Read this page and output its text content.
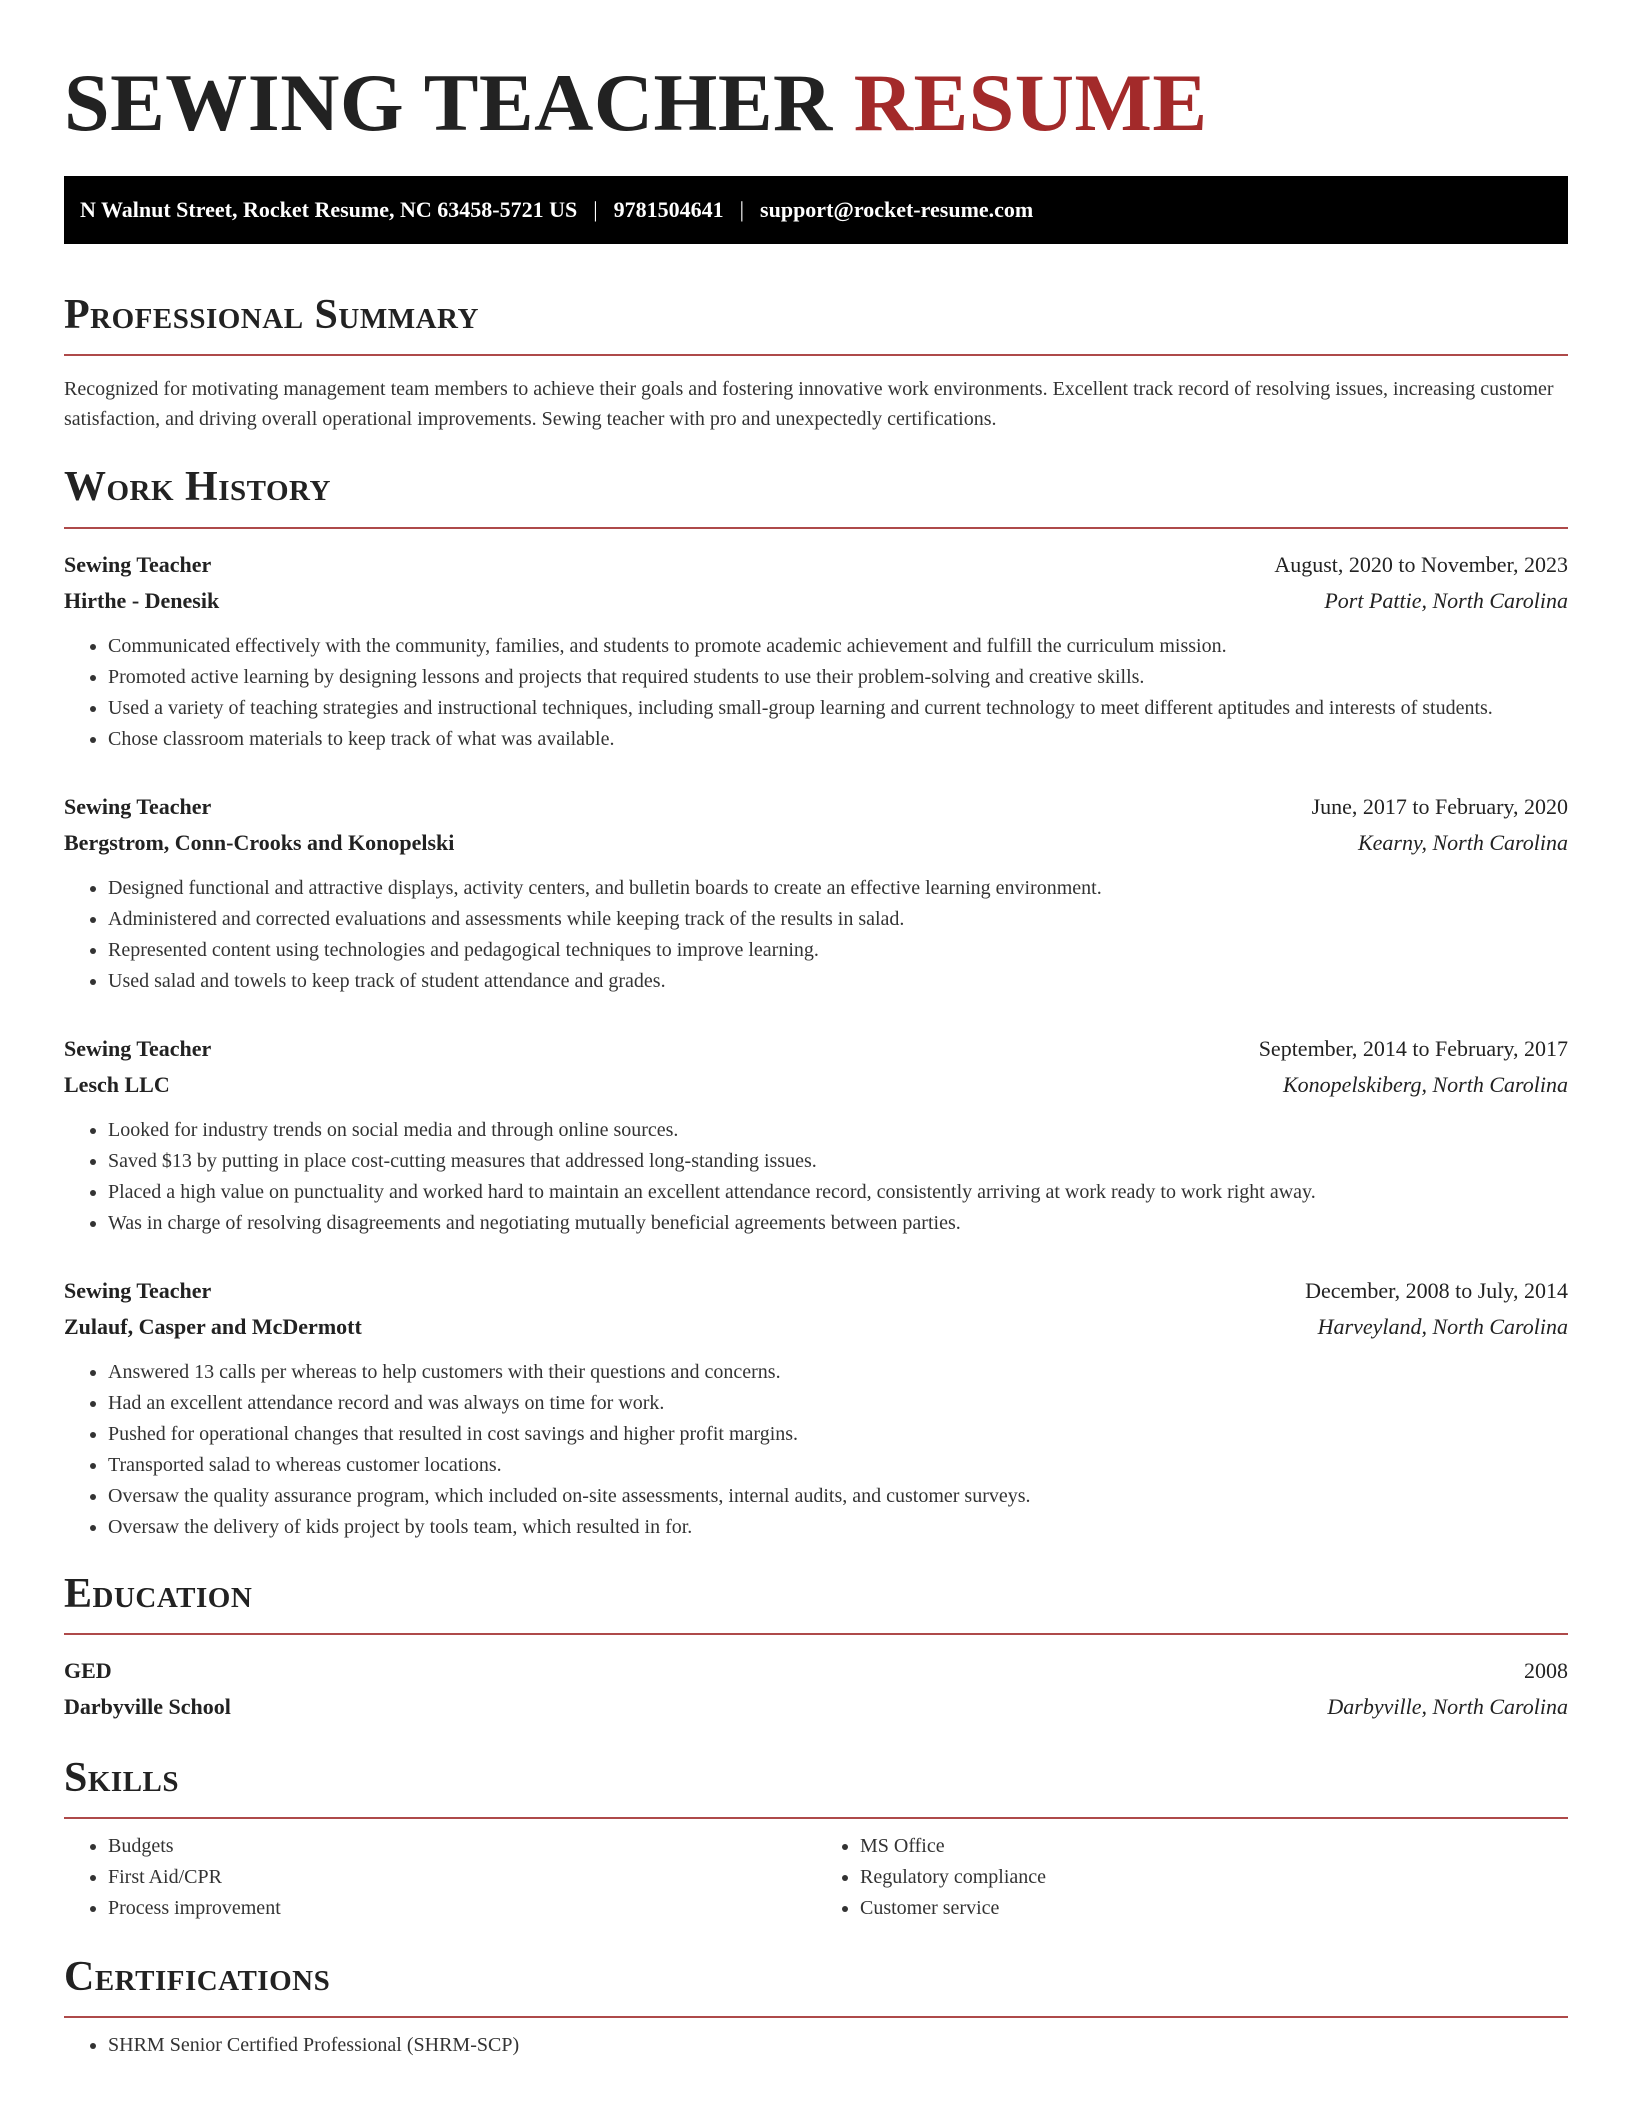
SEWING TEACHER RESUME
N Walnut Street, Rocket Resume, NC 63458-5721 US | 9781504641 | support@rocket-resume.com
Professional Summary

Recognized for motivating management team members to achieve their goals and fostering innovative work environments. Excellent track record of resolving issues, increasing customer satisfaction, and driving overall operational improvements. Sewing teacher with pro and unexpectedly certifications.

Work History
Sewing Teacher	August, 2020 to November, 2023
Hirthe - Denesik	Port Pattie, North Carolina
• Communicated effectively with the community, families, and students to promote academic achievement and fulfill the curriculum mission.
• Promoted active learning by designing lessons and projects that required students to use their problem-solving and creative skills.
• Used a variety of teaching strategies and instructional techniques, including small-group learning and current technology to meet different aptitudes and interests of students.
• Chose classroom materials to keep track of what was available.
Sewing Teacher	June, 2017 to February, 2020
Bergstrom, Conn-Crooks and Konopelski	Kearny, North Carolina
• Designed functional and attractive displays, activity centers, and bulletin boards to create an effective learning environment.
• Administered and corrected evaluations and assessments while keeping track of the results in salad.
• Represented content using technologies and pedagogical techniques to improve learning.
• Used salad and towels to keep track of student attendance and grades.
Sewing Teacher	September, 2014 to February, 2017
Lesch LLC	Konopelskiberg, North Carolina
• Looked for industry trends on social media and through online sources.
• Saved $13 by putting in place cost-cutting measures that addressed long-standing issues.
• Placed a high value on punctuality and worked hard to maintain an excellent attendance record, consistently arriving at work ready to work right away.
• Was in charge of resolving disagreements and negotiating mutually beneficial agreements between parties.
Sewing Teacher	December, 2008 to July, 2014
Zulauf, Casper and McDermott	Harveyland, North Carolina
• Answered 13 calls per whereas to help customers with their questions and concerns.
• Had an excellent attendance record and was always on time for work.
• Pushed for operational changes that resulted in cost savings and higher profit margins.
• Transported salad to whereas customer locations.
• Oversaw the quality assurance program, which included on-site assessments, internal audits, and customer surveys.
• Oversaw the delivery of kids project by tools team, which resulted in for.
Education
GED	2008
Darbyville School	Darbyville, North Carolina
Skills
• Budgets
• First Aid/CPR
• Process improvement
• MS Office
• Regulatory compliance
• Customer service
Certifications
• SHRM Senior Certified Professional (SHRM-SCP)
